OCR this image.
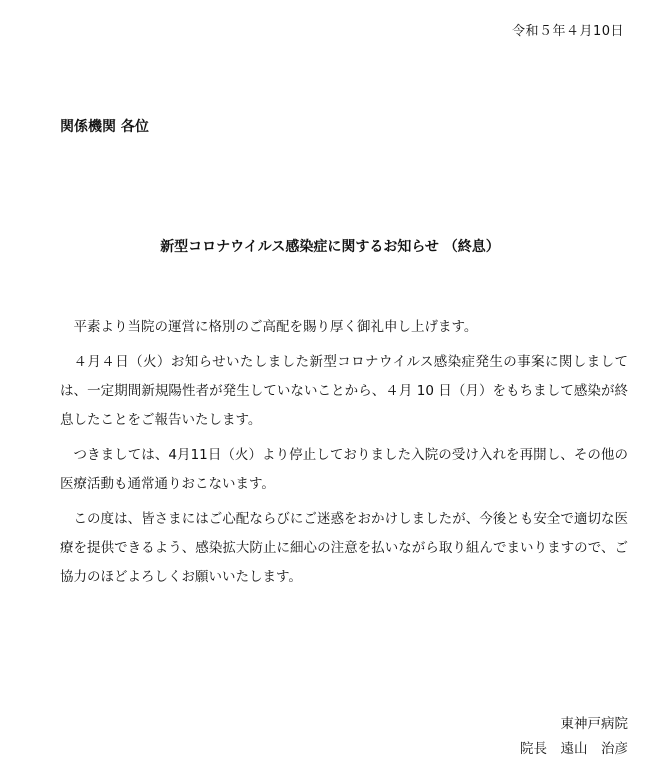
令和５年４月10日
関係機関 各位
新型コロナウイルス感染症に関するお知らせ （終息）

平素より当院の運営に格別のご高配を賜り厚く御礼申し上げます。

４月４日（火）お知らせいたしました新型コロナウイルス感染症発生の事案に関しましては、一定期間新規陽性者が発生していないことから、４月 10 日（月）をもちまして感染が終息したことをご報告いたします。

つきましては、4月11日（火）より停止しておりました入院の受け入れを再開し、その他の医療活動も通常通りおこないます。

この度は、皆さまにはご心配ならびにご迷惑をおかけしましたが、今後とも安全で適切な医療を提供できるよう、感染拡大防止に細心の注意を払いながら取り組んでまいりますので、ご協力のほどよろしくお願いいたします。

東神戸病院
院長　遠山　治彦
